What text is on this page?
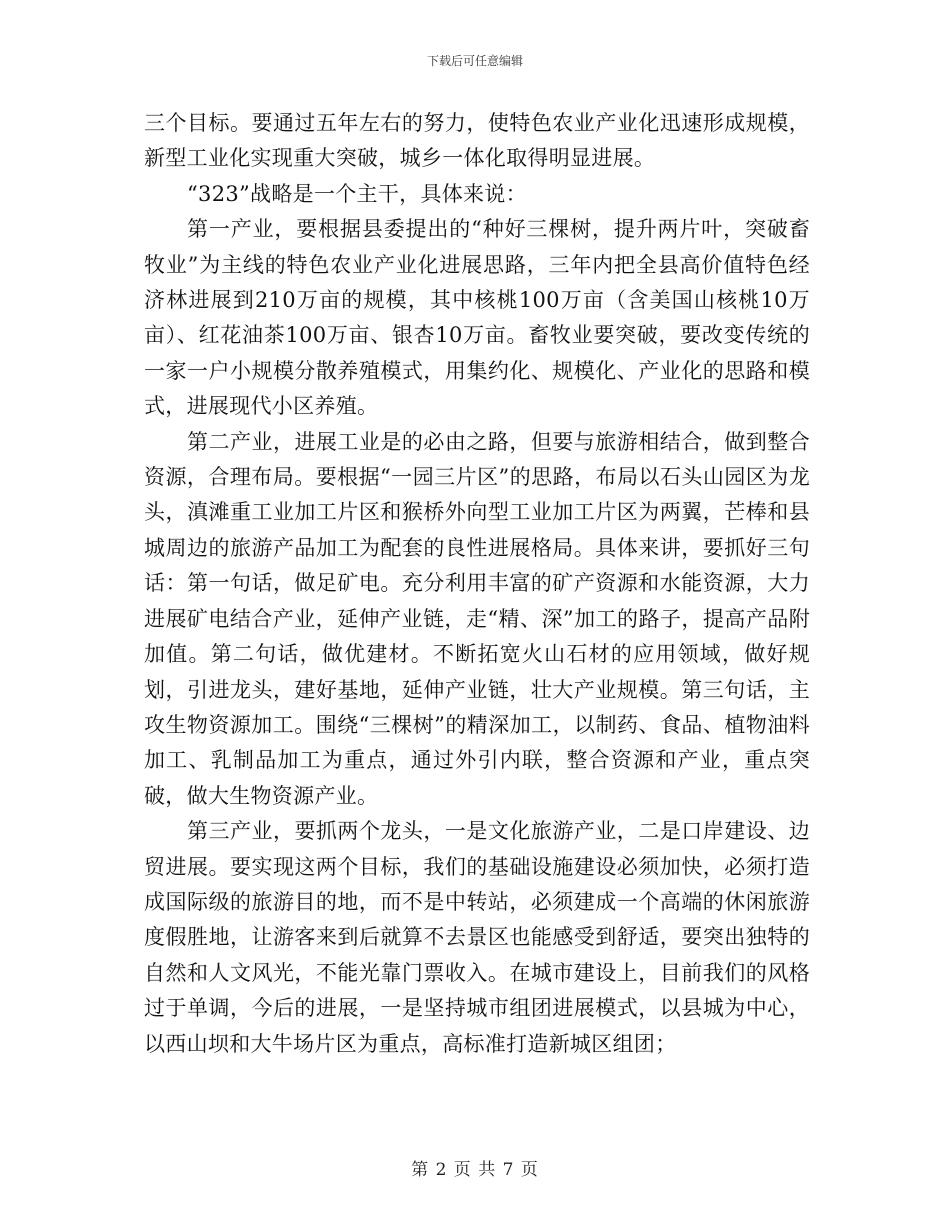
下载后可任意编辑

三个目标。要通过五年左右的努力，使特色农业产业化迅速形成规模，新型工业化实现重大突破，城乡一体化取得明显进展。

“323”战略是一个主干，具体来说：

第一产业，要根据县委提出的“种好三棵树，提升两片叶，突破畜牧业”为主线的特色农业产业化进展思路，三年内把全县高价值特色经济林进展到210万亩的规模，其中核桃100万亩（含美国山核桃10万亩）、红花油茶100万亩、银杏10万亩。畜牧业要突破，要改变传统的一家一户小规模分散养殖模式，用集约化、规模化、产业化的思路和模式，进展现代小区养殖。

第二产业，进展工业是的必由之路，但要与旅游相结合，做到整合资源，合理布局。要根据“一园三片区”的思路，布局以石头山园区为龙头，滇滩重工业加工片区和猴桥外向型工业加工片区为两翼，芒棒和县城周边的旅游产品加工为配套的良性进展格局。具体来讲，要抓好三句话：第一句话，做足矿电。充分利用丰富的矿产资源和水能资源，大力进展矿电结合产业，延伸产业链，走“精、深”加工的路子，提高产品附加值。第二句话，做优建材。不断拓宽火山石材的应用领域，做好规划，引进龙头，建好基地，延伸产业链，壮大产业规模。第三句话，主攻生物资源加工。围绕“三棵树”的精深加工，以制药、食品、植物油料加工、乳制品加工为重点，通过外引内联，整合资源和产业，重点突破，做大生物资源产业。

第三产业，要抓两个龙头，一是文化旅游产业，二是口岸建设、边贸进展。要实现这两个目标，我们的基础设施建设必须加快，必须打造成国际级的旅游目的地，而不是中转站，必须建成一个高端的休闲旅游度假胜地，让游客来到后就算不去景区也能感受到舒适，要突出独特的自然和人文风光，不能光靠门票收入。在城市建设上，目前我们的风格过于单调，今后的进展，一是坚持城市组团进展模式，以县城为中心，以西山坝和大牛场片区为重点，高标准打造新城区组团；

第 2 页 共 7 页
